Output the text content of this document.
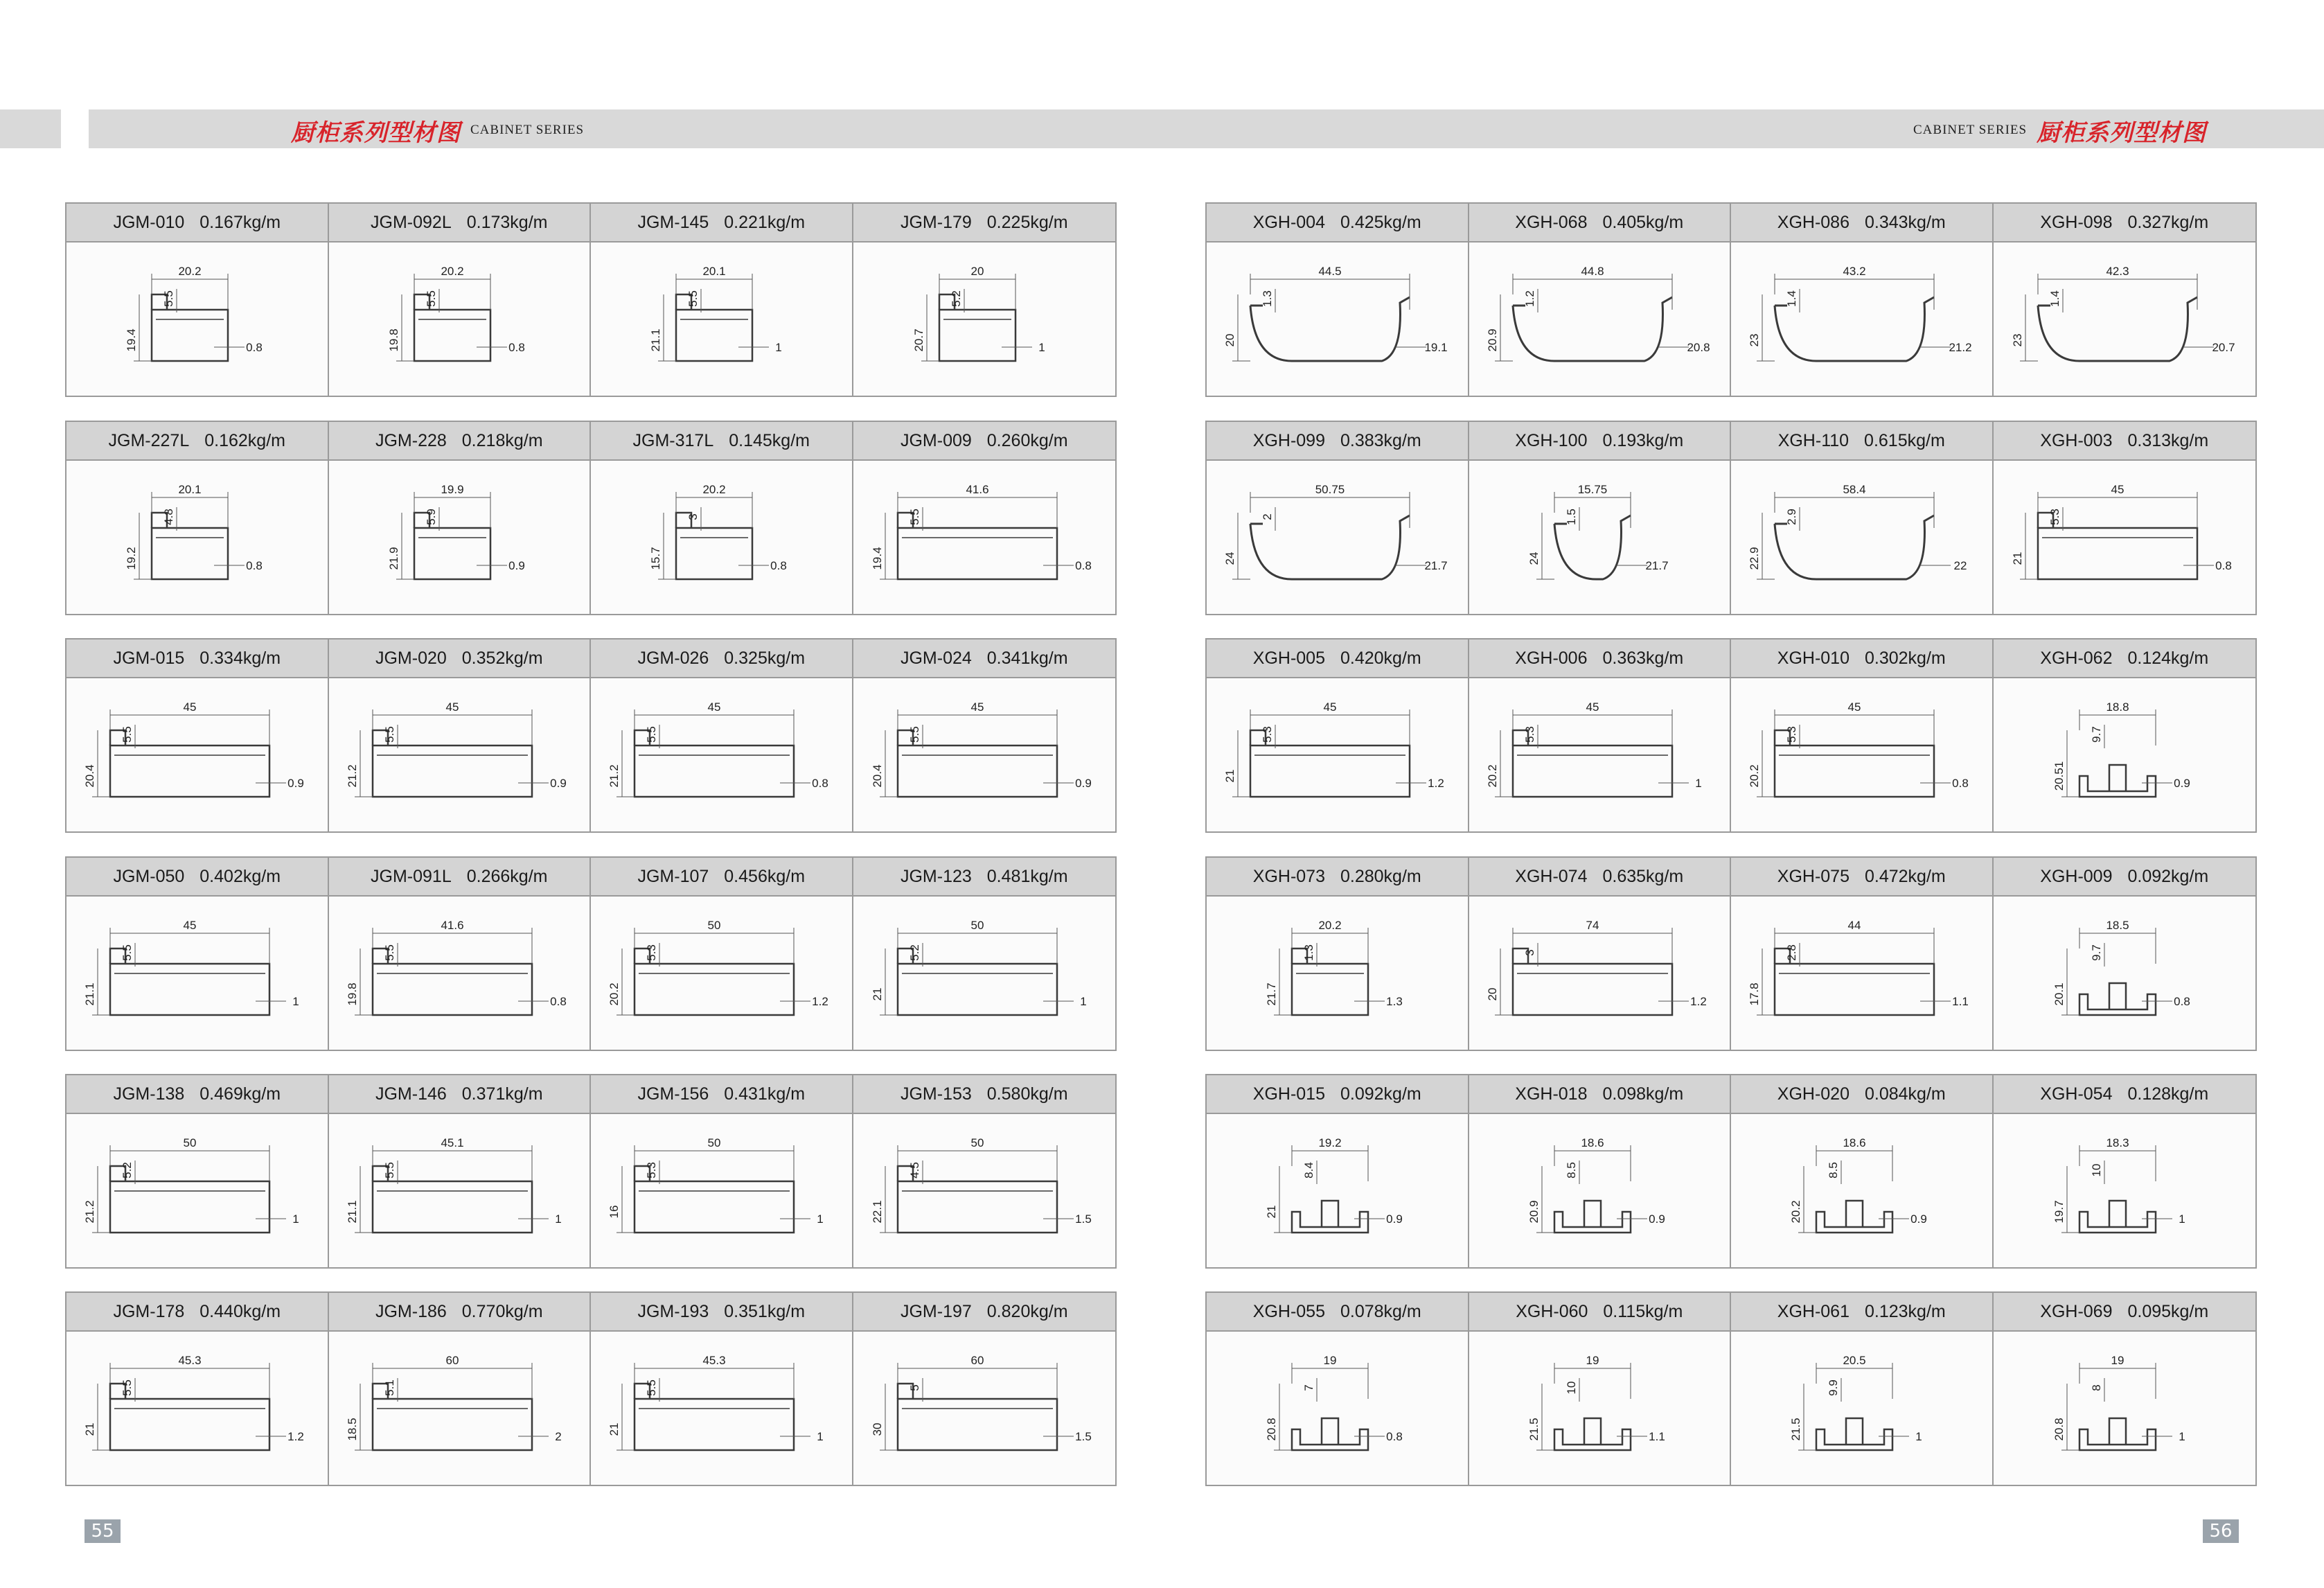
厨柜系列型材图 CABINET SERIES	CABINET SERIES 厨柜系列型材图
JGM-010 0.167kg/m
20.2
5.5
19.4	0.8
JGM-092L 0.173kg/m
20.2
5.5
19.8	0.8
JGM-145 0.221kg/m
20.1
5.5
21.1	1
JGM-179 0.225kg/m
20
5.2
20.7	1
JGM-227L 0.162kg/m
20.1
4.8
19.2	0.8
JGM-228 0.218kg/m
19.9
5.9
21.9	0.9
JGM-317L 0.145kg/m
20.2
3
15.7	0.8
JGM-009 0.260kg/m
41.6
5.5
19.4	0.8
JGM-015 0.334kg/m
45
5.5
20.4	0.9
JGM-020 0.352kg/m
45
5.5
21.2	0.9
JGM-026 0.325kg/m
45
5.5
21.2	0.8
JGM-024 0.341kg/m
45
5.5
20.4	0.9
JGM-050 0.402kg/m
45
5.5
21.1	1
JGM-091L 0.266kg/m
41.6
5.5
19.8	0.8
JGM-107 0.456kg/m
50
5.3
20.2	1.2
JGM-123 0.481kg/m
50
5.2
21
1
JGM-138 0.469kg/m
50
5.2
21.2	1
JGM-146 0.371kg/m
45.1
5.5
21.1	1
JGM-156 0.431kg/m
50
5.3
16
1
JGM-153 0.580kg/m
50
4.5
22.1	1.5
JGM-178 0.440kg/m
45.3
5.5
21
1.2
JGM-186 0.770kg/m
60
5.1
18.5	2
JGM-193 0.351kg/m
45.3
5.5
21
1
JGM-197 0.820kg/m
60
5
30
1.5
XGH-004 0.425kg/m
44.5
1.3
20
19.1
XGH-068 0.405kg/m
44.8
1.2
20.9	20.8
XGH-086 0.343kg/m
43.2
1.4
23
21.2
XGH-098 0.327kg/m
42.3
1.4
23
20.7
XGH-099 0.383kg/m
50.75
2
24
21.7
XGH-100 0.193kg/m
15.75
1.5
24
21.7
XGH-110 0.615kg/m
58.4
2.9
22.9	22
XGH-003 0.313kg/m
45
5.3
21
0.8
XGH-005 0.420kg/m
45
5.3
21
1.2
XGH-006 0.363kg/m
45
5.3
20.2	1
XGH-010 0.302kg/m
45
5.3
20.2	0.8
XGH-062 0.124kg/m
18.8
9.7
20.51	0.9
XGH-073 0.280kg/m
20.2
1.3
21.7	1.3
XGH-074 0.635kg/m
74
3
20
1.2
XGH-075 0.472kg/m
44
2.8
17.8	1.1
XGH-009 0.092kg/m
18.5
9.7
20.1	0.8
XGH-015 0.092kg/m
19.2
8.4
21
0.9
XGH-018 0.098kg/m
18.6
8.5
20.9	0.9
XGH-020 0.084kg/m
18.6
8.5
20.2	0.9
XGH-054 0.128kg/m
18.3
10
19.7	1
XGH-055 0.078kg/m
19
7
20.8	0.8
XGH-060 0.115kg/m
19
10
21.5	1.1
XGH-061 0.123kg/m
20.5
9.9
21.5	1
XGH-069 0.095kg/m
19
8
20.8	1
55	56
